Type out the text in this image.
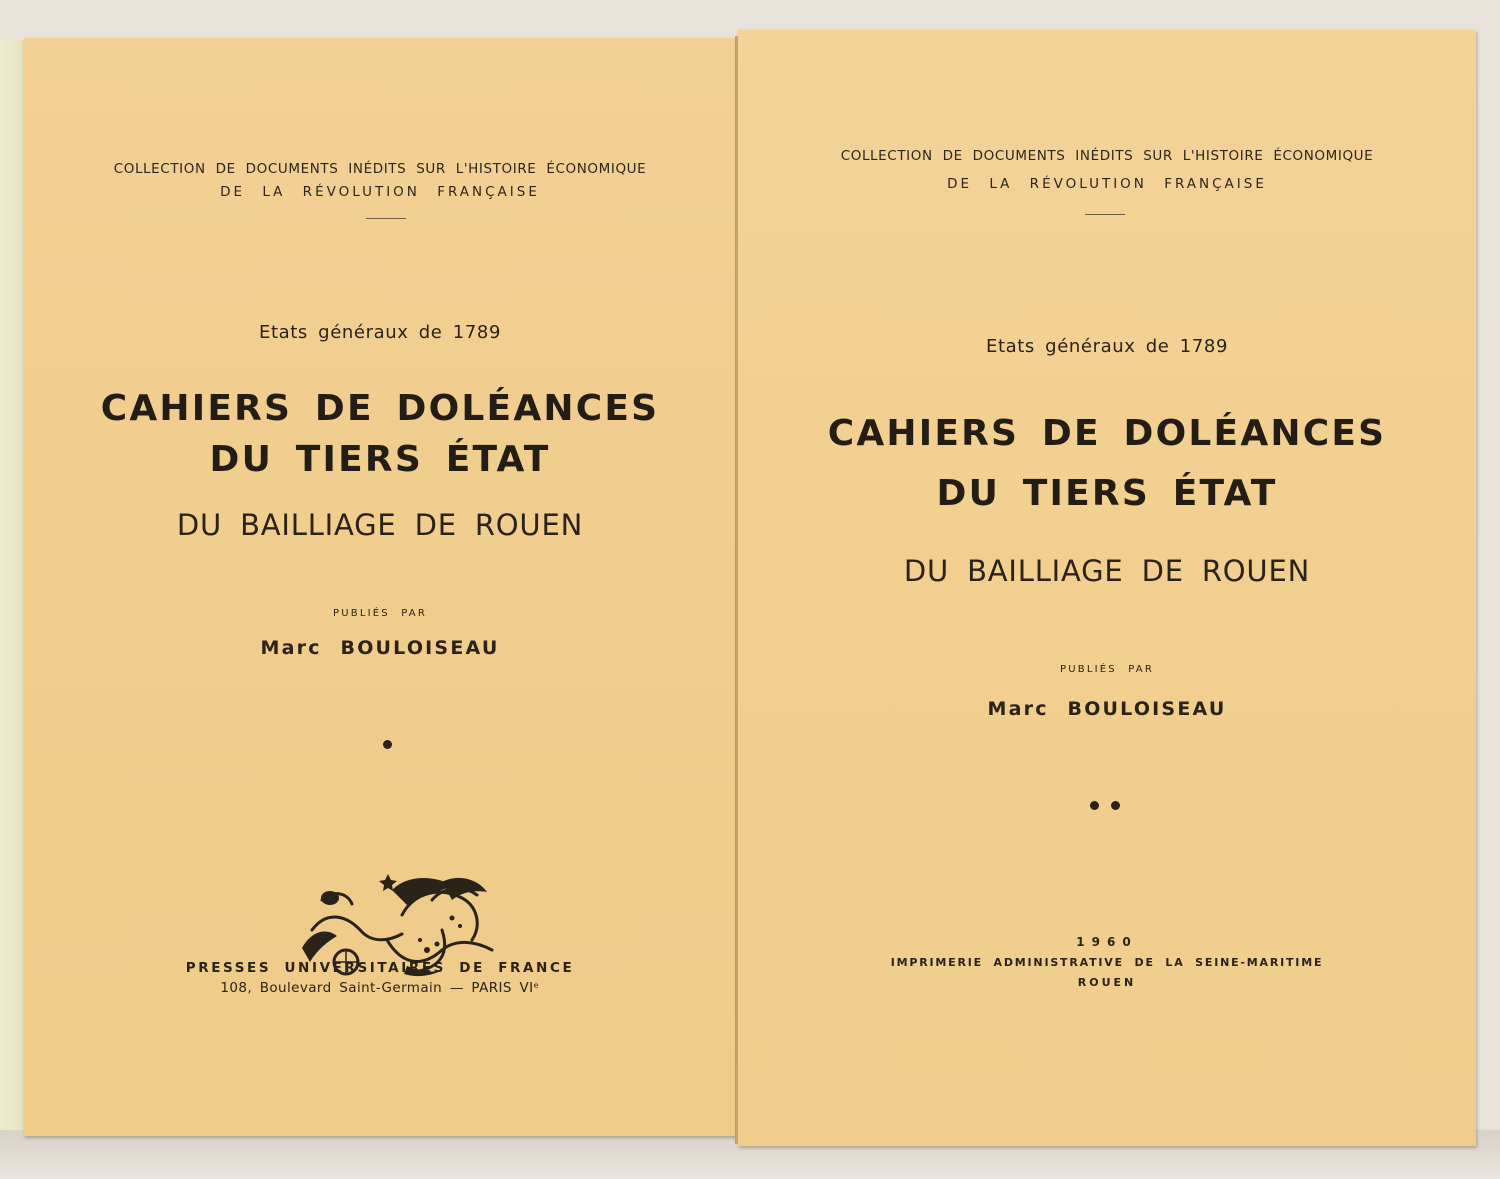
COLLECTION DE DOCUMENTS INÉDITS SUR L'HISTOIRE ÉCONOMIQUE
DE LA RÉVOLUTION FRANÇAISE
Etats généraux de 1789
CAHIERS DE DOLÉANCES
DU TIERS ÉTAT
DU BAILLIAGE DE ROUEN
PUBLIÉS PAR
Marc BOULOISEAU
PRESSES UNIVERSITAIRES DE FRANCE
108, Boulevard Saint-Germain — PARIS VIᵉ
COLLECTION DE DOCUMENTS INÉDITS SUR L'HISTOIRE ÉCONOMIQUE
DE LA RÉVOLUTION FRANÇAISE
Etats généraux de 1789
CAHIERS DE DOLÉANCES
DU TIERS ÉTAT
DU BAILLIAGE DE ROUEN
PUBLIÉS PAR
Marc BOULOISEAU
1960
IMPRIMERIE ADMINISTRATIVE DE LA SEINE-MARITIME
ROUEN
